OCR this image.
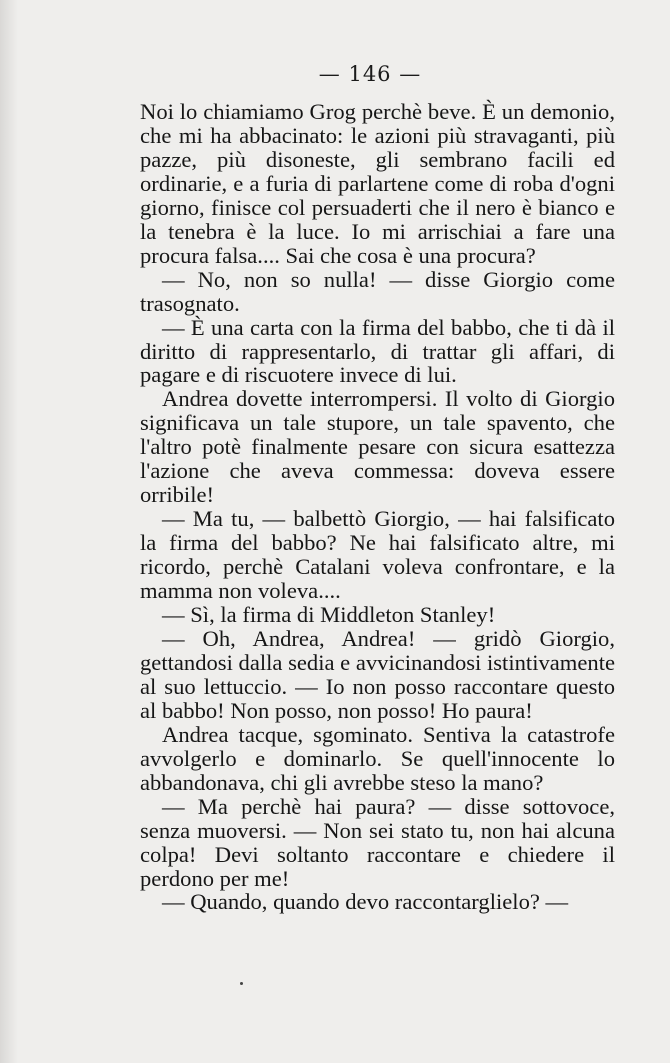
— 146 —

Noi lo chiamiamo Grog perchè beve. È un demonio, che mi ha abbacinato: le azioni più stravaganti, più pazze, più disoneste, gli sembrano facili ed ordinarie, e a furia di parlartene come di roba d'ogni giorno, finisce col persuaderti che il nero è bianco e la tenebra è la luce. Io mi arrischiai a fare una procura falsa.... Sai che cosa è una procura?

— No, non so nulla! — disse Giorgio come trasognato.

— È una carta con la firma del babbo, che ti dà il diritto di rappresentarlo, di trattar gli affari, di pagare e di riscuotere invece di lui.

Andrea dovette interrompersi. Il volto di Giorgio significava un tale stupore, un tale spavento, che l'altro potè finalmente pesare con sicura esattezza l'azione che aveva commessa: doveva essere orribile!

— Ma tu, — balbettò Giorgio, — hai falsificato la firma del babbo? Ne hai falsificato altre, mi ricordo, perchè Catalani voleva confrontare, e la mamma non voleva....

— Sì, la firma di Middleton Stanley!

— Oh, Andrea, Andrea! — gridò Giorgio, gettandosi dalla sedia e avvicinandosi istintivamente al suo lettuccio. — Io non posso raccontare questo al babbo! Non posso, non posso! Ho paura!

Andrea tacque, sgominato. Sentiva la catastrofe avvolgerlo e dominarlo. Se quell'innocente lo abbandonava, chi gli avrebbe steso la mano?

— Ma perchè hai paura? — disse sottovoce, senza muoversi. — Non sei stato tu, non hai alcuna colpa! Devi soltanto raccontare e chiedere il perdono per me!

— Quando, quando devo raccontarglielo? —
